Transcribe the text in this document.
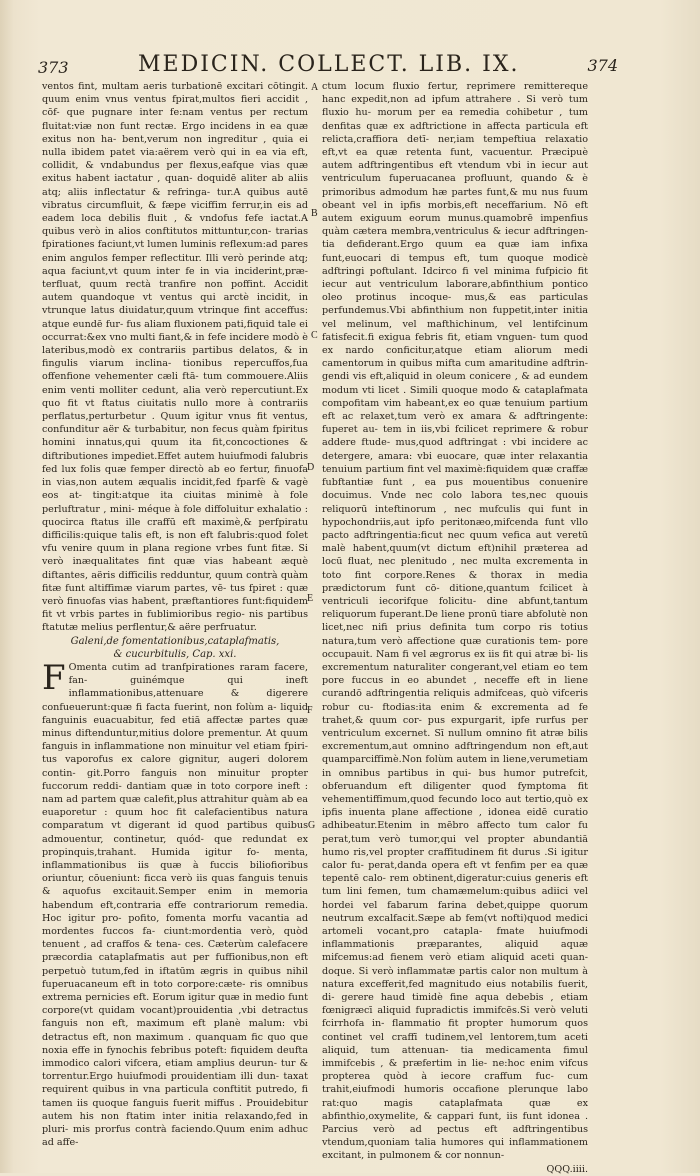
373	MEDICIN. COLLECT. LIB. IX.	374
A
B
C
D
E
F
G

ventos fint, multam aeris turbationē excitari cōtingit. quum enim vnus ventus fpirat,multos fieri accidit , cōf- que pugnare inter fe:nam ventus per rectum fluitat:viæ non funt rectæ. Ergo incidens in ea quæ exitus non ha- bent,verum non ingreditur , quia ei nulla ibidem patet via:aërem verò qui in ea via eft, collidit, & vndabundus per flexus,eafque vias quæ exitus habent iactatur , quan- doquidē aliter ab aliis atq; aliis inflectatur & refringa- tur.A quibus autē vibratus circumfluit, & fæpe viciffim ferrur,in eis ad eadem loca debilis fluit , & vndofus fefe iactat.A quibus verò in alios conftitutos mittuntur,con- trarias fpirationes faciunt,vt lumen luminis reflexum:ad pares enim angulos femper reflectitur. Illi verò perinde atq; aqua faciunt,vt quum inter fe in via inciderint,præ- terfluat, quum rectà tranfire non poffint. Accidit autem quandoque vt ventus qui arctè incidit, in vtrunque latus diuidatur,quum vtrinque fint acceffus: atque eundē fur- fus aliam fluxionem pati,fiquid tale ei occurrat:&ex vno multi fiant,& in fefe incidere modò è lateribus,modò ex contrariis partibus delatos, & in fingulis viarum inclina- tionibus repercuffos,fua offenfione vehementer cæli ftā- tum commouere.Aliis enim venti molliter cedunt, alia verò repercutiunt.Ex quo fit vt ftatus ciuitatis nullo more à contrariis perflatus,perturbetur . Quum igitur vnus fit ventus, confunditur aër & turbabitur, non fecus quàm fpiritus homini innatus,qui quum ita fit,concoctiones & diftributiones impediet.Effet autem huiufmodi falubris fed lux folis quæ femper directò ab eo fertur, finuofa in vias,non autem æqualis incidit,fed fparfè & vagè eos at- tingit:atque ita ciuitas minimè à fole perluftratur , mini- méque à fole diffoluitur exhalatio : quocirca ftatus ille craffū eft maximè,& perfpiratu difficilis:quique talis eft, is non eft falubris:quod folet vfu venire quum in plana regione vrbes funt fitæ. Si verò inæqualitates fint quæ vias habeant æquè diftantes, aëris difficilis redduntur, quum contrà quàm fitæ funt altiffimæ viarum partes, vē- tus fpiret : quæ verò finuofas vias habent, præftantiores funt:fiquidem fit vt vrbis partes in fublimioribus regio- nis partibus ftatutæ melius perflentur,& aëre perfruatur.

Galeni,de fomentationibus,cataplafmatis,

& cucurbitulis, Cap. xxi.

F Omenta cutim ad tranfpirationes raram facere, fan- guinémque qui ineft inflammationibus,attenuare & digerere confueuerunt:quæ fi facta fuerint, non folùm a- liquid fanguinis euacuabitur, fed etiā affectæ partes quæ minus diftenduntur,mitius dolore prementur. At quum fanguis in inflammatione non minuitur vel etiam fpiri- tus vaporofus ex calore gignitur, augeri dolorem contin- git.Porro fanguis non minuitur propter fuccorum reddi- dantiam quæ in toto corpore ineft : nam ad partem quæ calefit,plus attrahitur quàm ab ea euaporetur : quum hoc fit calefacientibus natura comparatum vt digerant id quod partibus quibus admouentur, continetur, quód- que redundat ex propinquis,trahant. Humida igitur fo- menta, inflammationibus iis quæ à fuccis biliofioribus oriuntur, cōueniunt: ficca verò iis quas fanguis tenuis & aquofus excitauit.Semper enim in memoria habendum eft,contraria effe contrariorum remedia. Hoc igitur pro- pofito, fomenta morfu vacantia ad mordentes fuccos fa- ciunt:mordentia verò, quòd tenuent , ad craffos & tena- ces. Cæterùm calefacere præcordia cataplafmatis aut per fuffionibus,non eft perpetuò tutum,fed in iftatūm ægris in quibus nihil fuperuacaneum eft in toto corpore:cæte- ris omnibus extrema pernicies eft. Eorum igitur quæ in medio funt corpore(vt quidam vocant)prouidentia ,vbi detractus fanguis non eft, maximum eft planè malum: vbi detractus eft, non maximum . quanquam fic quo que noxia effe in fynochis febribus poteft: fiquidem deufta immodico calori vifcera, etiam amplius deurun- tur & torrentur.Ergo huiufmodi prouidentiam illi dun- taxat requirent quibus in vna particula conftitit putredo, fi tamen iis quoque fanguis fuerit miffus . Prouidebitur autem his non ftatim inter initia relaxando,fed in pluri- mis prorfus contrà faciendo.Quum enim adhuc ad affe-

ctum locum fluxio fertur, reprimere remittereque hanc expedit,non ad ipfum attrahere . Si verò tum fluxio hu- morum per ea remedia cohibetur , tum denfitas quæ ex adftrictione in affecta particula eft relicta,craffiora detī- ner,iam tempeftiua relaxatio eft,vt ea quæ retenta funt, vacuentur. Præcipuè autem adftringentibus eft vtendum vbi in iecur aut ventriculum fuperuacanea profluunt, quando & è primoribus admodum hæ partes funt,& mu nus fuum obeant vel in ipfis morbis,eft neceffarium. Nō eft autem exiguum eorum munus.quamobrē impenfius quàm cætera membra,ventriculus & iecur adftringen- tia defiderant.Ergo quum ea quæ iam infixa funt,euocari di tempus eft, tum quoque modicè adftringi poftulant. Idcirco fi vel minima fufpicio fit iecur aut ventriculum laborare,abfinthium pontico oleo protinus incoque- mus,& eas particulas perfundemus.Vbi abfinthium non fuppetit,inter initia vel melinum, vel mafthichinum, vel lentifcinum fatisfecit.fi exigua febris fit, etiam vnguen- tum quod ex nardo conficitur,atque etiam aliorum medi camentorum in quibus mifta cum amaritudine adftrin- gendi vis eft,aliquid in oleum conicere , & ad eundem modum vti licet . Simili quoque modo & cataplafmata compofitam vim habeant,ex eo quæ tenuium partium eft ac relaxet,tum verò ex amara & adftringente: fuperet au- tem in iis,vbi fcilicet reprimere & robur addere ftude- mus,quod adftringat : vbi incidere ac detergere, amara: vbi euocare, quæ inter relaxantia tenuium partium fint vel maximè:fiquidem quæ craffæ fubftantiæ funt , ea pus mouentibus conuenire docuimus. Vnde nec colo labora tes,nec quouis reliquorū inteftinorum , nec mufculis qui funt in hypochondriis,aut ipfo peritonæo,mifcenda funt vllo pacto adftringentia:ficut nec quum vefica aut veretū malè habent,quum(vt dictum eft)nihil præterea ad locū fluat, nec plenitudo , nec multa excrementa in toto fint corpore.Renes & thorax in media prædictorum funt cō- ditione,quantum fcilicet à ventriculi iecorifque folicitu- dine abfunt,tantum reliquorum fuperant.De liene pronū tiare abfolutè non licet,nec nifi prius definita tum corpo ris totius natura,tum verò affectione quæ curationis tem- pore occupauit. Nam fi vel ægrorus ex iis fit qui atræ bi- lis excrementum naturaliter congerant,vel etiam eo tem pore fuccus in eo abundet , neceffe eft in liene curandō adftringentia reliquis admifceas, quò vifceris robur cu- ftodias:ita enim & excrementa ad fe trahet,& quum cor- pus expurgarit, ipfe rurfus per ventriculum excernet. Sī nullum omnino fit atræ bilis excrementum,aut omnino adftringendum non eft,aut quamparciffimè.Non folùm autem in liene,verumetiam in omnibus partibus in qui- bus humor putrefcit, obferuandum eft diligenter quod fymptoma fit vehementiffimum,quod fecundo loco aut tertio,quò ex ipfis inuenta plane affectione , idonea eidē curatio adhibeatur.Etenim in mēbro affecto tum calor fu perat,tum verò tumor,qui vel propter abundantiā humo ris,vel propter craffitudinem fit durus .Si igitur calor fu- perat,danda opera eft vt fenfim per ea quæ tepentē calo- rem obtinent,digeratur:cuius generis eft tum lini femen, tum chamæmelum:quibus adiici vel hordei vel fabarum farina debet,quippe quorum neutrum excalfacit.Sæpe ab fem(vt nofti)quod medici artomeli vocant,pro catapla- fmate huiufmodi inflammationis præparantes, aliquid aquæ mifcemus:ad fienem verò etiam aliquid aceti quan- doque. Si verò inflammatæ partis calor non multum à natura excefferit,fed magnitudo eius notabilis fuerit, di- gerere haud timidè fine aqua debebis , etiam fœnigræcī aliquid fupradictis immifcēs.Si verò veluti fcirrhofa in- flammatio fit propter humorum quos continet vel craffī tudinem,vel lentorem,tum aceti aliquid, tum attenuan- tia medicamenta fimul immifcebis , & præfertim in lie- ne:hoc enim vifcus propterea quòd à iecore craffum fuc- cum trahit,eiufmodi humoris occafione plerunque labo rat:quo magis cataplafmata quæ ex abfinthio,oxymelite, & cappari funt, iis funt idonea . Parcius verò ad pectus eft adftringentibus vtendum,quoniam talia humores qui inflammationem excitant, in pulmonem & cor nonnun-

QQQ.iiii.
